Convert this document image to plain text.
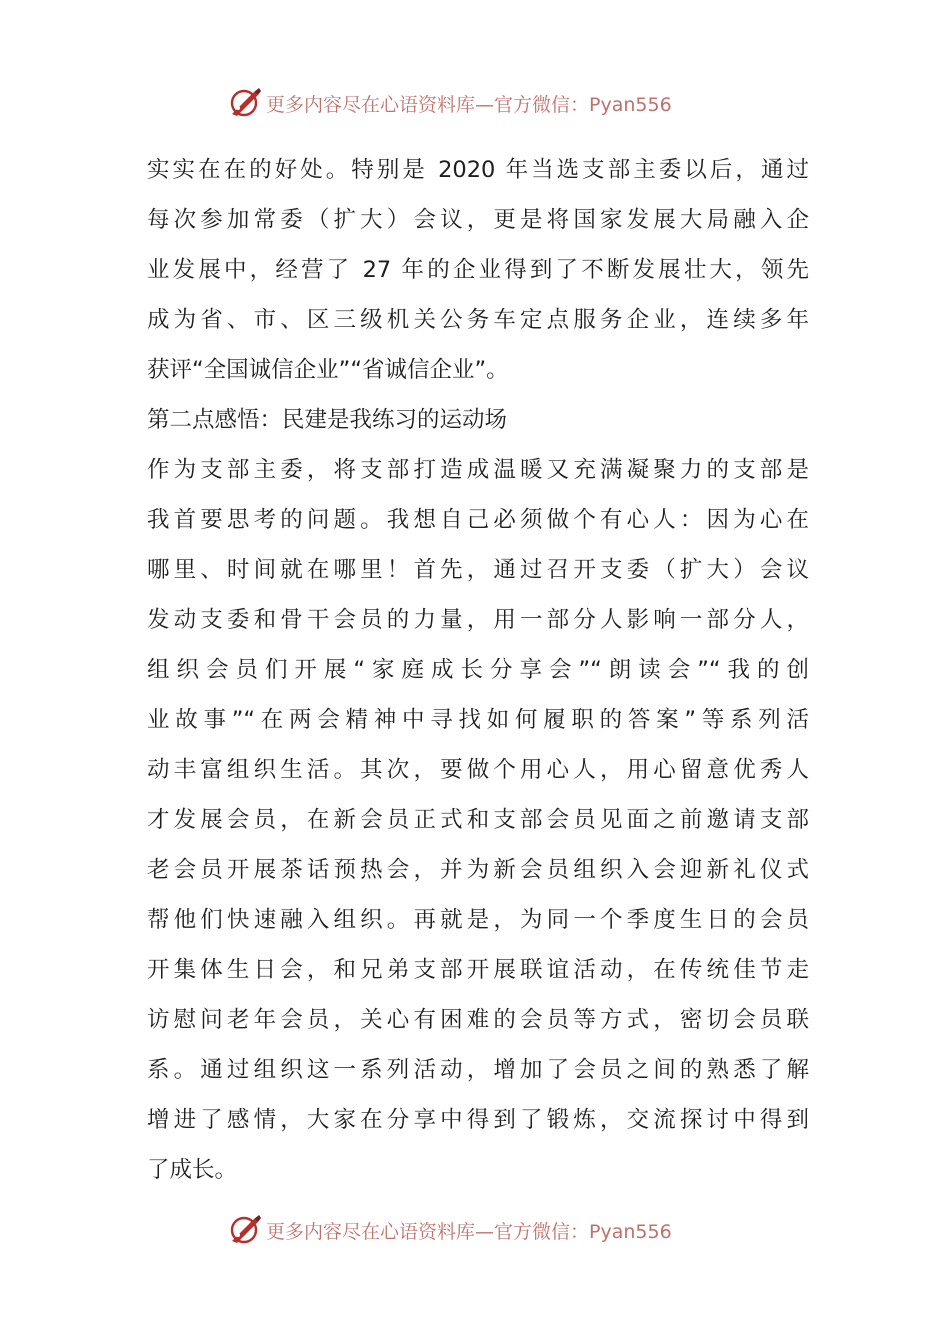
更多内容尽在心语资料库 —官方微信：Pyan556
实实在在的好处。特别是 2020 年当选支部主委以后，通过
每次参加常委（扩大）会议，更是将国家发展大局融入企
业发展中，经营了 27 年的企业得到了不断发展壮大，领先
成为省、市、区三级机关公务车定点服务企业，连续多年
获评“全国诚信企业”“省诚信企业”。
第二点感悟：民建是我练习的运动场
作为支部主委，将支部打造成温暖又充满凝聚力的支部是
我首要思考的问题。我想自己必须做个有心人：因为心在
哪里、时间就在哪里！首先，通过召开支委（扩大）会议
发动支委和骨干会员的力量，用一部分人影响一部分人，
组织会员们开展“家庭成长分享会”“朗读会”“我的创
业故事”“在两会精神中寻找如何履职的答案”等系列活
动丰富组织生活。其次，要做个用心人，用心留意优秀人
才发展会员，在新会员正式和支部会员见面之前邀请支部
老会员开展茶话预热会，并为新会员组织入会迎新礼仪式
帮他们快速融入组织。再就是，为同一个季度生日的会员
开集体生日会，和兄弟支部开展联谊活动，在传统佳节走
访慰问老年会员，关心有困难的会员等方式，密切会员联
系。通过组织这一系列活动，增加了会员之间的熟悉了解
增进了感情，大家在分享中得到了锻炼，交流探讨中得到
了成长。
更多内容尽在心语资料库 —官方微信：Pyan556
